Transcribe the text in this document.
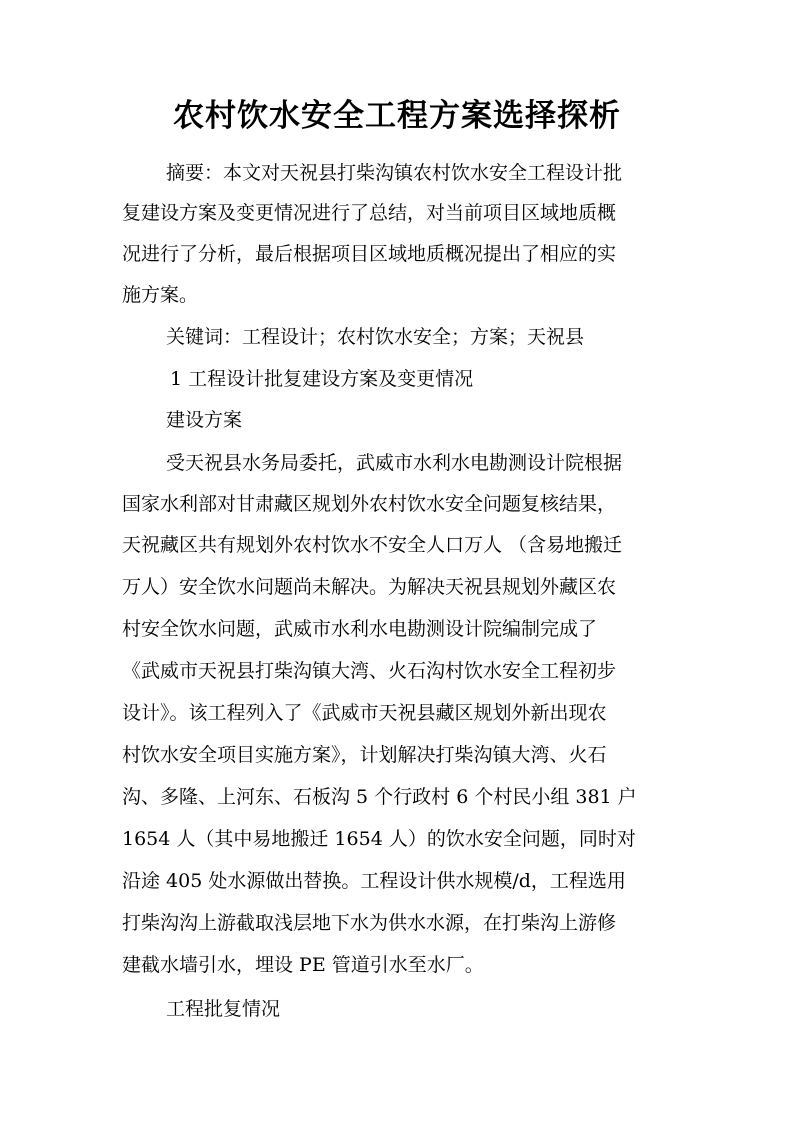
农村饮水安全工程方案选择探析
摘要：本文对天祝县打柴沟镇农村饮水安全工程设计批
复建设方案及变更情况进行了总结，对当前项目区域地质概
况进行了分析，最后根据项目区域地质概况提出了相应的实
施方案。
关键词：工程设计；农村饮水安全；方案；天祝县
1 工程设计批复建设方案及变更情况
建设方案
受天祝县水务局委托，武威市水利水电勘测设计院根据
国家水利部对甘肃藏区规划外农村饮水安全问题复核结果，
天祝藏区共有规划外农村饮水不安全人口万人 （含易地搬迁
万人）安全饮水问题尚未解决。为解决天祝县规划外藏区农
村安全饮水问题，武威市水利水电勘测设计院编制完成了
《武威市天祝县打柴沟镇大湾、火石沟村饮水安全工程初步
设计》。该工程列入了《武威市天祝县藏区规划外新出现农
村饮水安全项目实施方案》，计划解决打柴沟镇大湾、火石
沟、多隆、上河东、石板沟 5 个行政村 6 个村民小组 381 户
1654 人（其中易地搬迁 1654 人）的饮水安全问题，同时对
沿途 405 处水源做出替换。工程设计供水规模/d，工程选用
打柴沟沟上游截取浅层地下水为供水水源，在打柴沟上游修
建截水墙引水，埋设 PE 管道引水至水厂。
工程批复情况
